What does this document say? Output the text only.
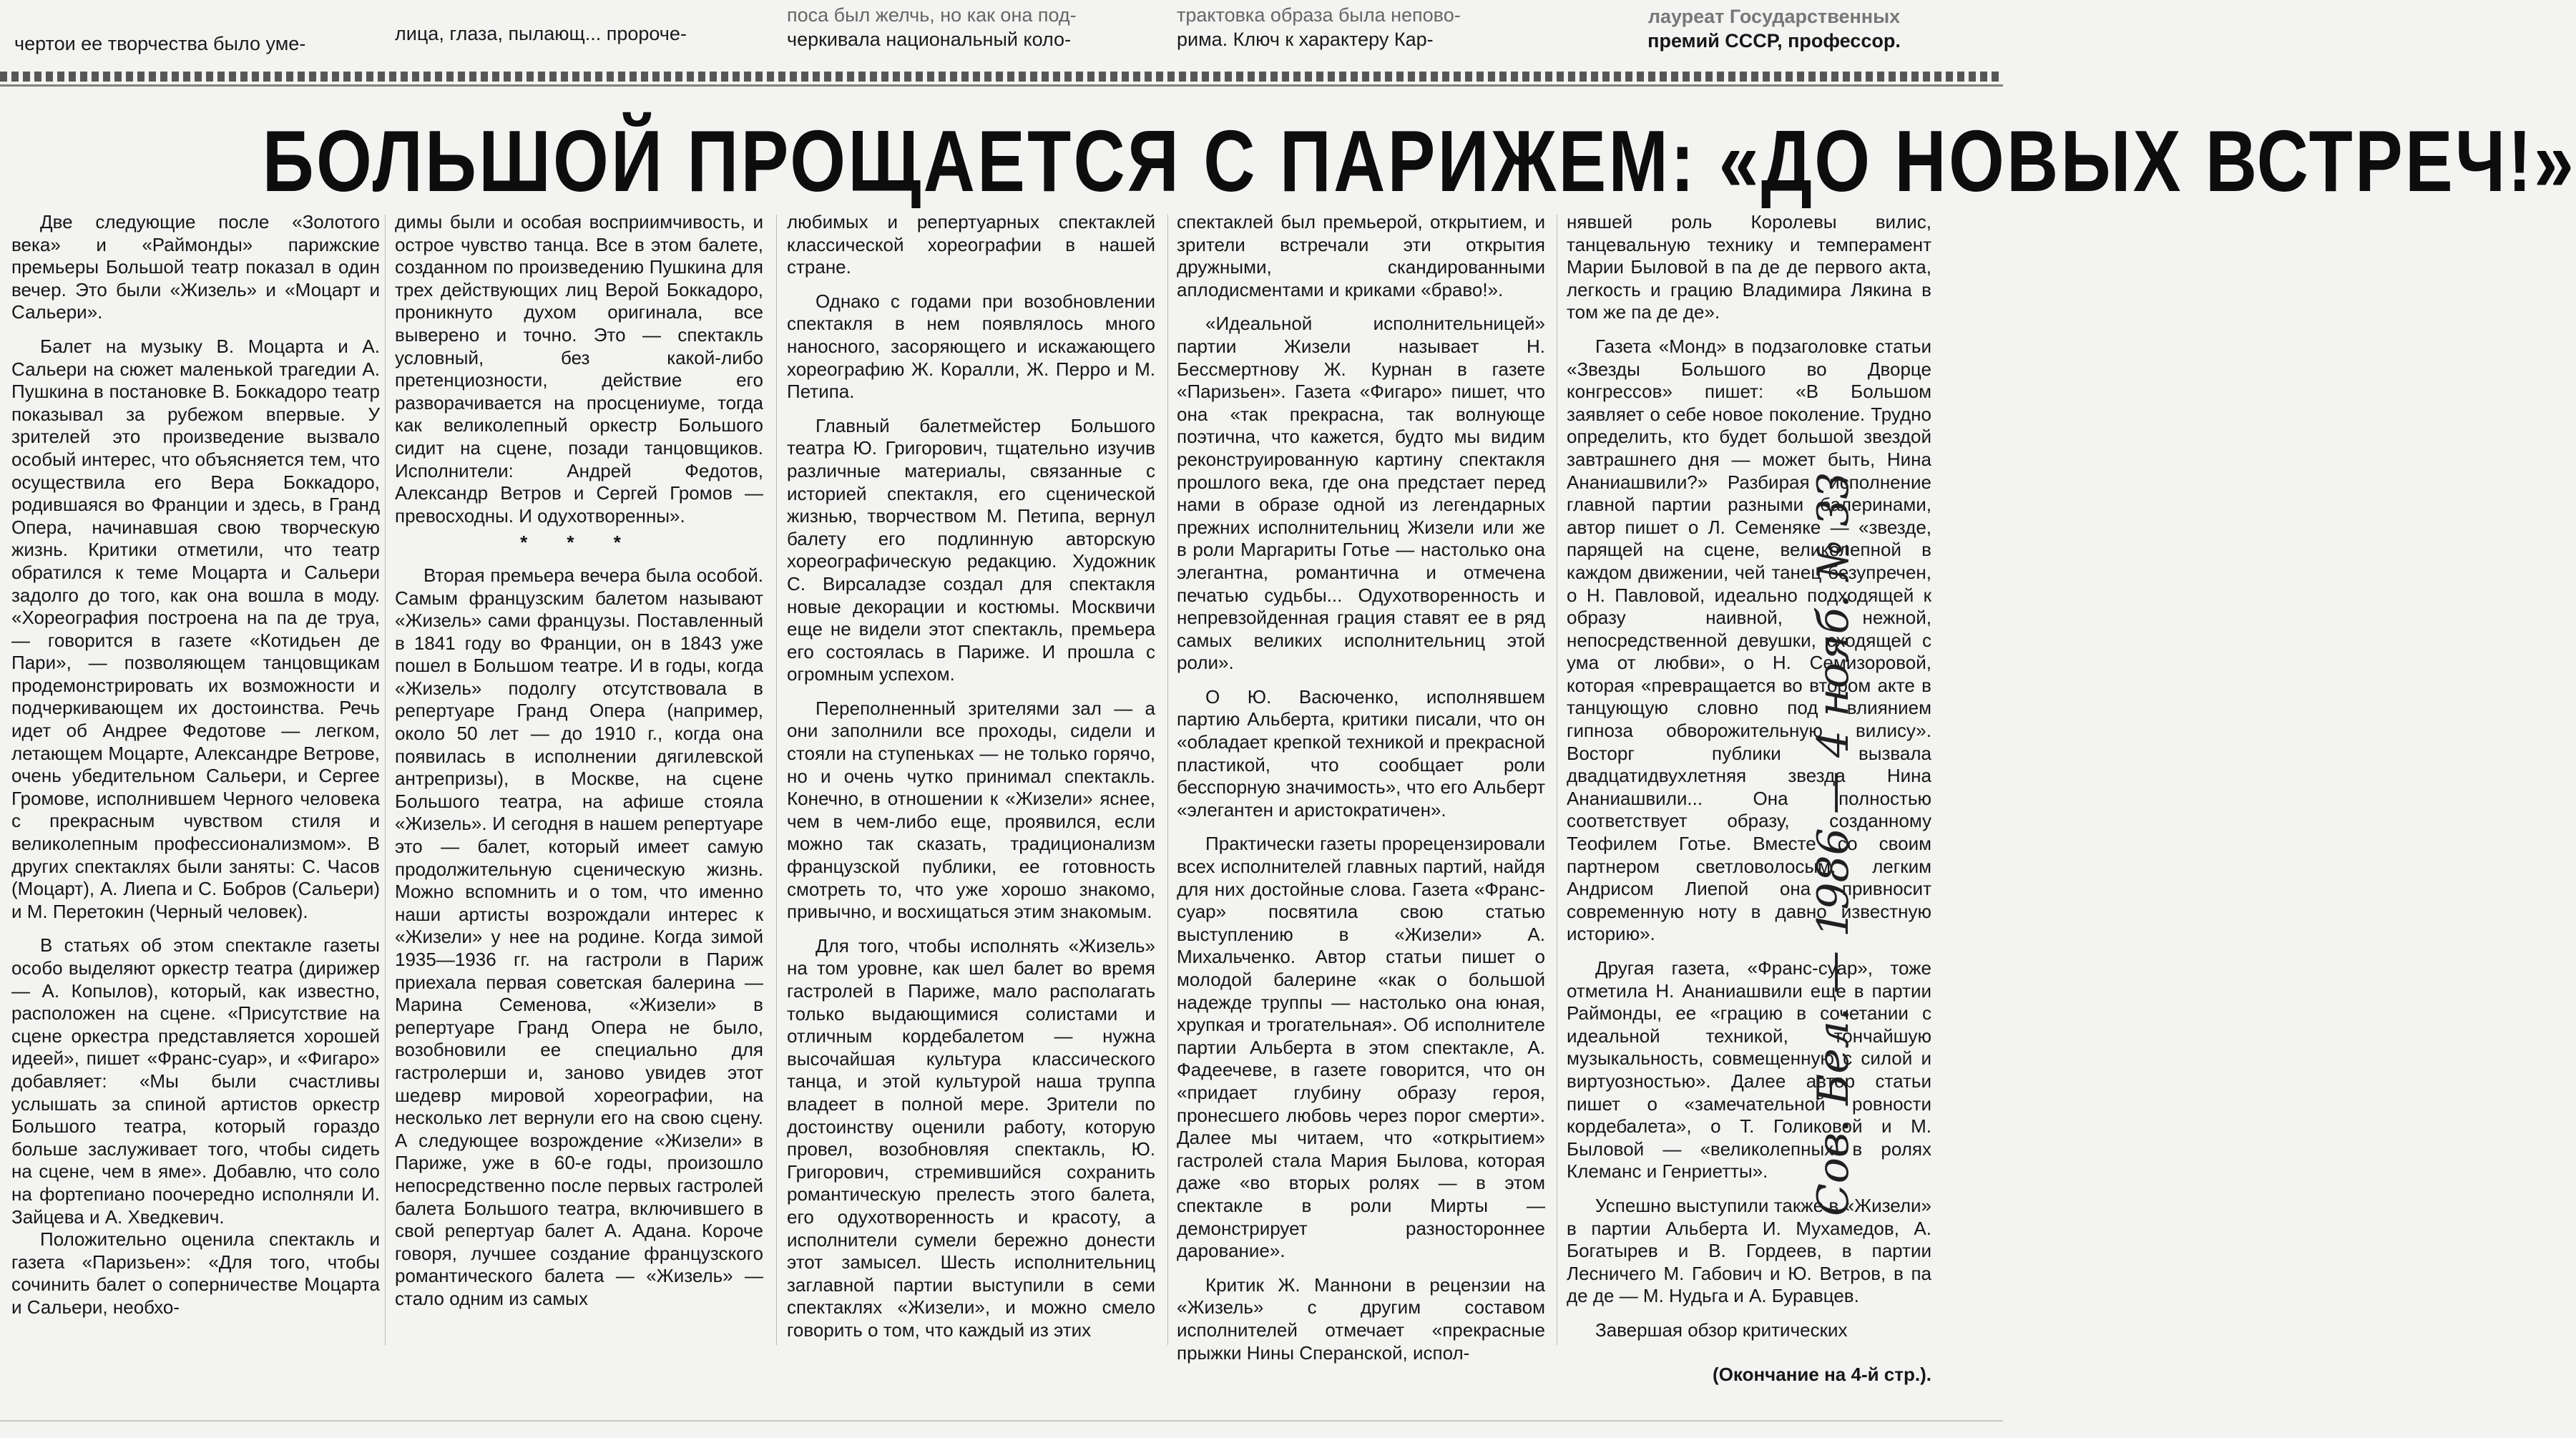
чертои ее творчества было уме-	лица, глаза, пылающ... пророче-
поса был желчь, но как она под-
черкивала национальный коло-
трактовка образа была непово-
рима. Ключ к характеру Кар-
лауреат Государственных
премий СССР, профессор.
БОЛЬШОЙ ПРОЩАЕТСЯ С ПАРИЖЕМ: «ДО НОВЫХ ВСТРЕЧ!»

Две следующие после «Золотого века» и «Раймонды» парижские премьеры Большой театр показал в один вечер. Это были «Жизель» и «Моцарт и Сальери».

Балет на музыку В. Моцарта и А. Сальери на сюжет маленькой трагедии А. Пушкина в постановке В. Боккадоро театр показывал за рубежом впервые. У зрителей это произведение вызвало особый интерес, что объясняется тем, что осуществила его Вера Боккадоро, родившаяся во Франции и здесь, в Гранд Опера, начинавшая свою творческую жизнь. Критики отметили, что театр обратился к теме Моцарта и Сальери задолго до того, как она вошла в моду. «Хореография построена на па де труа, — говорится в газете «Котидьен де Пари», — позволяющем танцовщикам продемонстрировать их возможности и подчеркивающем их достоинства. Речь идет об Андрее Федотове — легком, летающем Моцарте, Александре Ветрове, очень убедительном Сальери, и Сергее Громове, исполнившем Черного человека с прекрасным чувством стиля и великолепным профессионализмом». В других спектаклях были заняты: С. Часов (Моцарт), А. Лиепа и С. Бобров (Сальери) и М. Перетокин (Черный человек).

В статьях об этом спектакле газеты особо выделяют оркестр театра (дирижер — А. Копылов), который, как известно, расположен на сцене. «Присутствие на сцене оркестра представляется хорошей идеей», пишет «Франс-суар», и «Фигаро» добавляет: «Мы были счастливы услышать за спиной артистов оркестр Большого театра, который гораздо больше заслуживает того, чтобы сидеть на сцене, чем в яме». Добавлю, что соло на фортепиано поочередно исполняли И. Зайцева и А. Хведкевич.

Положительно оценила спектакль и газета «Паризьен»: «Для того, чтобы сочинить балет о соперничестве Моцарта и Сальери, необхо-

димы были и особая восприимчивость, и острое чувство танца. Все в этом балете, созданном по произведению Пушкина для трех действующих лиц Верой Боккадоро, проникнуто духом оригинала, все выверено и точно. Это — спектакль условный, без какой-либо претенциозности, действие его разворачивается на просцениуме, тогда как великолепный оркестр Большого сидит на сцене, позади танцовщиков. Исполнители: Андрей Федотов, Александр Ветров и Сергей Громов — превосходны. И одухотворенны».

* * *

Вторая премьера вечера была особой. Самым французским балетом называют «Жизель» сами французы. Поставленный в 1841 году во Франции, он в 1843 уже пошел в Большом театре. И в годы, когда «Жизель» подолгу отсутствовала в репертуаре Гранд Опера (например, около 50 лет — до 1910 г., когда она появилась в исполнении дягилевской антрепризы), в Москве, на сцене Большого театра, на афише стояла «Жизель». И сегодня в нашем репертуаре это — балет, который имеет самую продолжительную сценическую жизнь. Можно вспомнить и о том, что именно наши артисты возрождали интерес к «Жизели» у нее на родине. Когда зимой 1935—1936 гг. на гастроли в Париж приехала первая советская балерина — Марина Семенова, «Жизели» в репертуаре Гранд Опера не было, возобновили ее специально для гастролерши и, заново увидев этот шедевр мировой хореографии, на несколько лет вернули его на свою сцену. А следующее возрождение «Жизели» в Париже, уже в 60-е годы, произошло непосредственно после первых гастролей балета Большого театра, включившего в свой репертуар балет А. Адана. Короче говоря, лучшее создание французского романтического балета — «Жизель» — стало одним из самых

любимых и репертуарных спектаклей классической хореографии в нашей стране.

Однако с годами при возобновлении спектакля в нем появлялось много наносного, засоряющего и искажающего хореографию Ж. Коралли, Ж. Перро и М. Петипа.

Главный балетмейстер Большого театра Ю. Григорович, тщательно изучив различные материалы, связанные с историей спектакля, его сценической жизнью, творчеством М. Петипа, вернул балету его подлинную авторскую хореографическую редакцию. Художник С. Вирсаладзе создал для спектакля новые декорации и костюмы. Москвичи еще не видели этот спектакль, премьера его состоялась в Париже. И прошла с огромным успехом.

Переполненный зрителями зал — а они заполнили все проходы, сидели и стояли на ступеньках — не только горячо, но и очень чутко принимал спектакль. Конечно, в отношении к «Жизели» яснее, чем в чем-либо еще, проявился, если можно так сказать, традиционализм французской публики, ее готовность смотреть то, что уже хорошо знакомо, привычно, и восхищаться этим знакомым.

Для того, чтобы исполнять «Жизель» на том уровне, как шел балет во время гастролей в Париже, мало располагать только выдающимися солистами и отличным кордебалетом — нужна высочайшая культура классического танца, и этой культурой наша труппа владеет в полной мере. Зрители по достоинству оценили работу, которую провел, возобновляя спектакль, Ю. Григорович, стремившийся сохранить романтическую прелесть этого балета, его одухотворенность и красоту, а исполнители сумели бережно донести этот замысел. Шесть исполнительниц заглавной партии выступили в семи спектаклях «Жизели», и можно смело говорить о том, что каждый из этих

спектаклей был премьерой, открытием, и зрители встречали эти открытия дружными, скандированными аплодисментами и криками «браво!».

«Идеальной исполнительницей» партии Жизели называет Н. Бессмертнову Ж. Курнан в газете «Паризьен». Газета «Фигаро» пишет, что она «так прекрасна, так волнующе поэтична, что кажется, будто мы видим реконструированную картину спектакля прошлого века, где она предстает перед нами в образе одной из легендарных прежних исполнительниц Жизели или же в роли Маргариты Готье — настолько она элегантна, романтична и отмечена печатью судьбы... Одухотворенность и непревзойденная грация ставят ее в ряд самых великих исполнительниц этой роли».

О Ю. Васюченко, исполнявшем партию Альберта, критики писали, что он «обладает крепкой техникой и прекрасной пластикой, что сообщает роли бесспорную значимость», что его Альберт «элегантен и аристократичен».

Практически газеты прорецензировали всех исполнителей главных партий, найдя для них достойные слова. Газета «Франс-суар» посвятила свою статью выступлению в «Жизели» А. Михальченко. Автор статьи пишет о молодой балерине «как о большой надежде труппы — настолько она юная, хрупкая и трогательная». Об исполнителе партии Альберта в этом спектакле, А. Фадеечеве, в газете говорится, что он «придает глубину образу героя, пронесшего любовь через порог смерти». Далее мы читаем, что «открытием» гастролей стала Мария Былова, которая даже «во вторых ролях — в этом спектакле в роли Мирты — демонстрирует разностороннее дарование».

Критик Ж. Маннони в рецензии на «Жизель» с другим составом исполнителей отмечает «прекрасные прыжки Нины Сперанской, испол-

нявшей роль Королевы вилис, танцевальную технику и темперамент Марии Быловой в па де де первого акта, легкость и грацию Владимира Лякина в том же па де де».

Газета «Монд» в подзаголовке статьи «Звезды Большого во Дворце конгрессов» пишет: «В Большом заявляет о себе новое поколение. Трудно определить, кто будет большой звездой завтрашнего дня — может быть, Нина Ананиашвили?» Разбирая исполнение главной партии разными балеринами, автор пишет о Л. Семеняке — «звезде, парящей на сцене, великолепной в каждом движении, чей танец безупречен, о Н. Павловой, идеально подходящей к образу наивной, нежной, непосредственной девушки, сходящей с ума от любви», о Н. Семизоровой, которая «превращается во втором акте в танцующую словно под влиянием гипноза обворожительную вилису». Восторг публики вызвала двадцатидвухлетняя звезда Нина Ананиашвили... Она полностью соответствует образу, созданному Теофилем Готье. Вместе со своим партнером светловолосым, легким Андрисом Лиепой она привносит современную ноту в давно известную историю».

Другая газета, «Франс-суар», тоже отметила Н. Ананиашвили еще в партии Раймонды, ее «грацию в сочетании с идеальной техникой, тончайшую музыкальность, совмещенную с силой и виртуозностью». Далее автор статьи пишет о «замечательной ровности кордебалета», о Т. Голиковой и М. Быловой — «великолепных в ролях Клеманс и Генриетты».

Успешно выступили также в «Жизели» в партии Альберта И. Мухамедов, А. Богатырев и В. Гордеев, в партии Лесничего М. Габович и Ю. Ветров, в па де де — М. Нудьга и А. Буравцев.

Завершая обзор критических

(Окончание на 4-й стр.).

Сов. Бел. — 1986 — 4 нояб. № 33
